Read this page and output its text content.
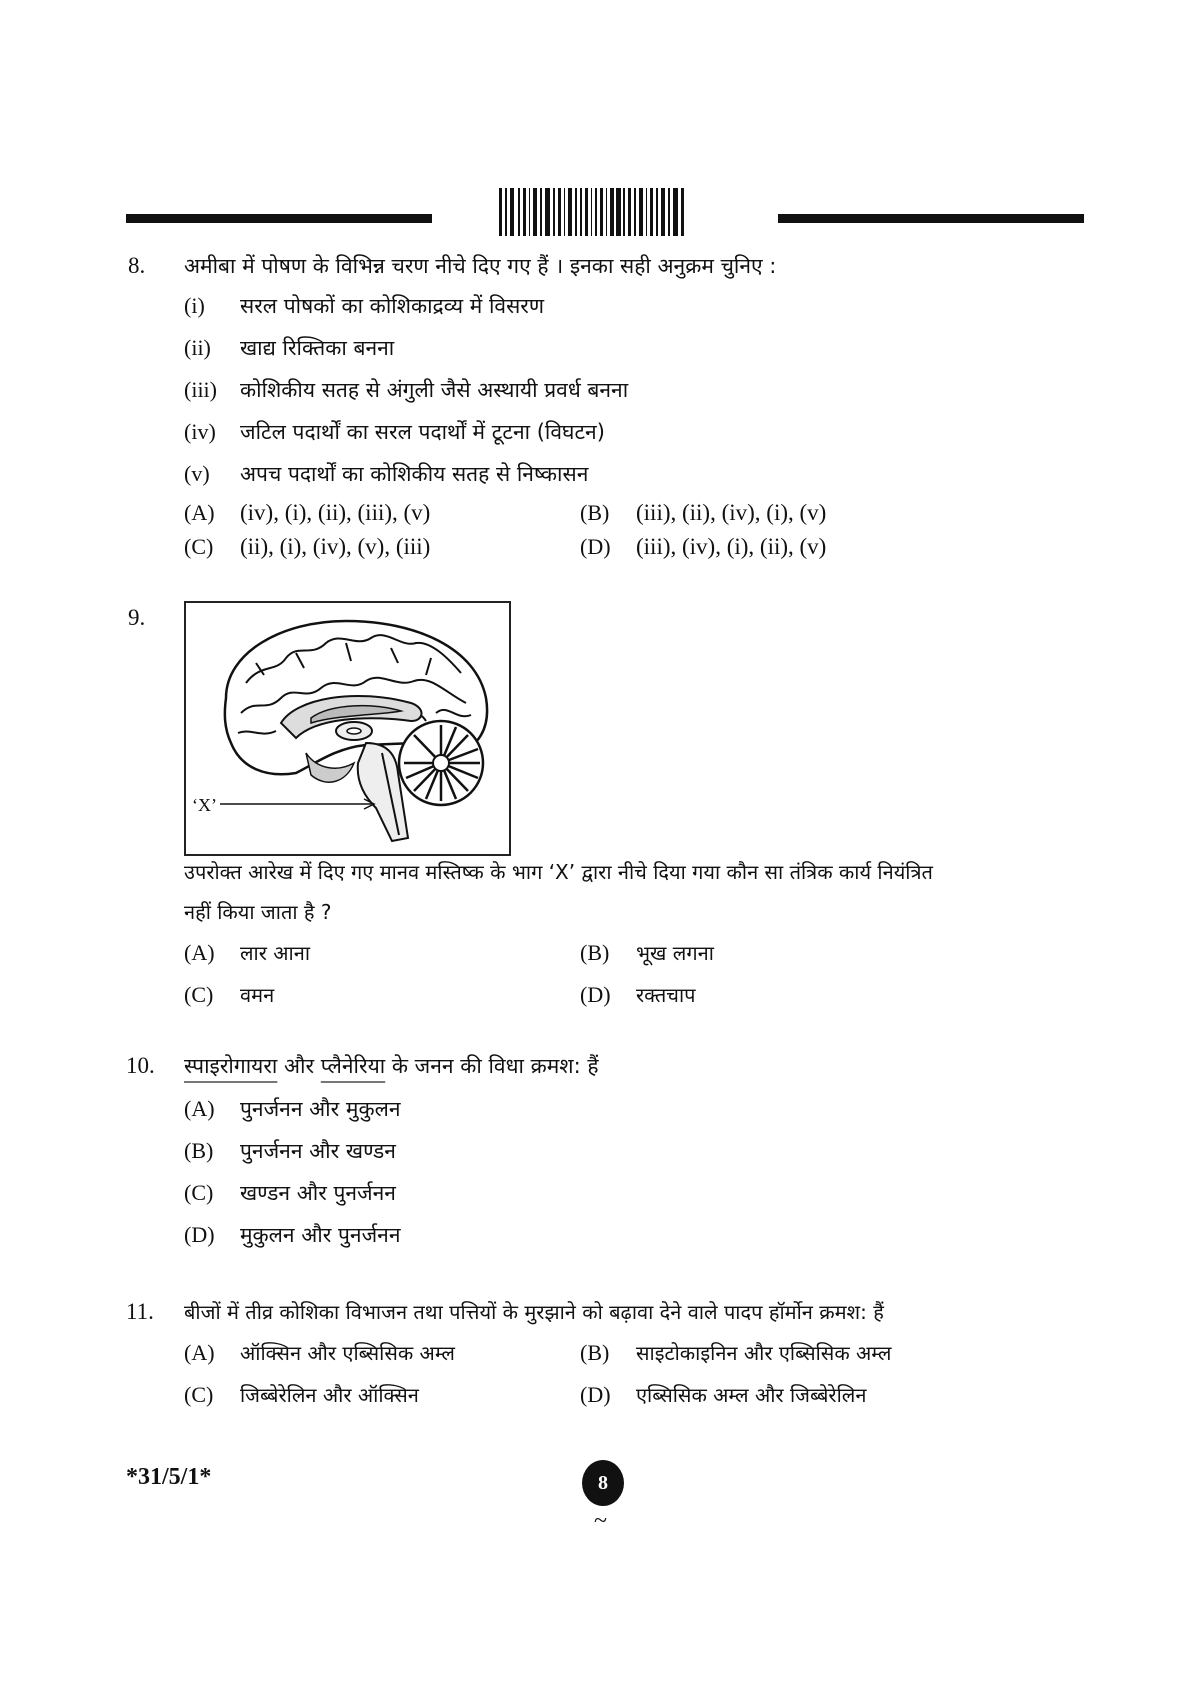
8. अमीबा में पोषण के विभिन्न चरण नीचे दिए गए हैं । इनका सही अनुक्रम चुनिए :
(i) सरल पोषकों का कोशिकाद्रव्य में विसरण
(ii) खाद्य रिक्तिका बनना
(iii) कोशिकीय सतह से अंगुली जैसे अस्थायी प्रवर्ध बनना
(iv) जटिल पदार्थों का सरल पदार्थों में टूटना (विघटन)
(v) अपच पदार्थों का कोशिकीय सतह से निष्कासन
(A) (iv), (i), (ii), (iii), (v)	(B) (iii), (ii), (iv), (i), (v)
(C) (ii), (i), (iv), (v), (iii)	(D) (iii), (iv), (i), (ii), (v)
9.
‘X’
उपरोक्त आरेख में दिए गए मानव मस्तिष्क के भाग ‘X’ द्वारा नीचे दिया गया कौन सा तंत्रिक कार्य नियंत्रित
नहीं किया जाता है ?
(A) लार आना	(B) भूख लगना
(C) वमन	(D) रक्तचाप
10. स्पाइरोगायरा और प्लैनेरिया के जनन की विधा क्रमश: हैं
(A) पुनर्जनन और मुकुलन
(B) पुनर्जनन और खण्डन
(C) खण्डन और पुनर्जनन
(D) मुकुलन और पुनर्जनन
11. बीजों में तीव्र कोशिका विभाजन तथा पत्तियों के मुरझाने को बढ़ावा देने वाले पादप हॉर्मोन क्रमश: हैं
(A) ऑक्सिन और एब्सिसिक अम्ल	(B) साइटोकाइनिन और एब्सिसिक अम्ल
(C) जिब्बेरेलिन और ऑक्सिन	(D) एब्सिसिक अम्ल और जिब्बेरेलिन
*31/5/1*	8
~
